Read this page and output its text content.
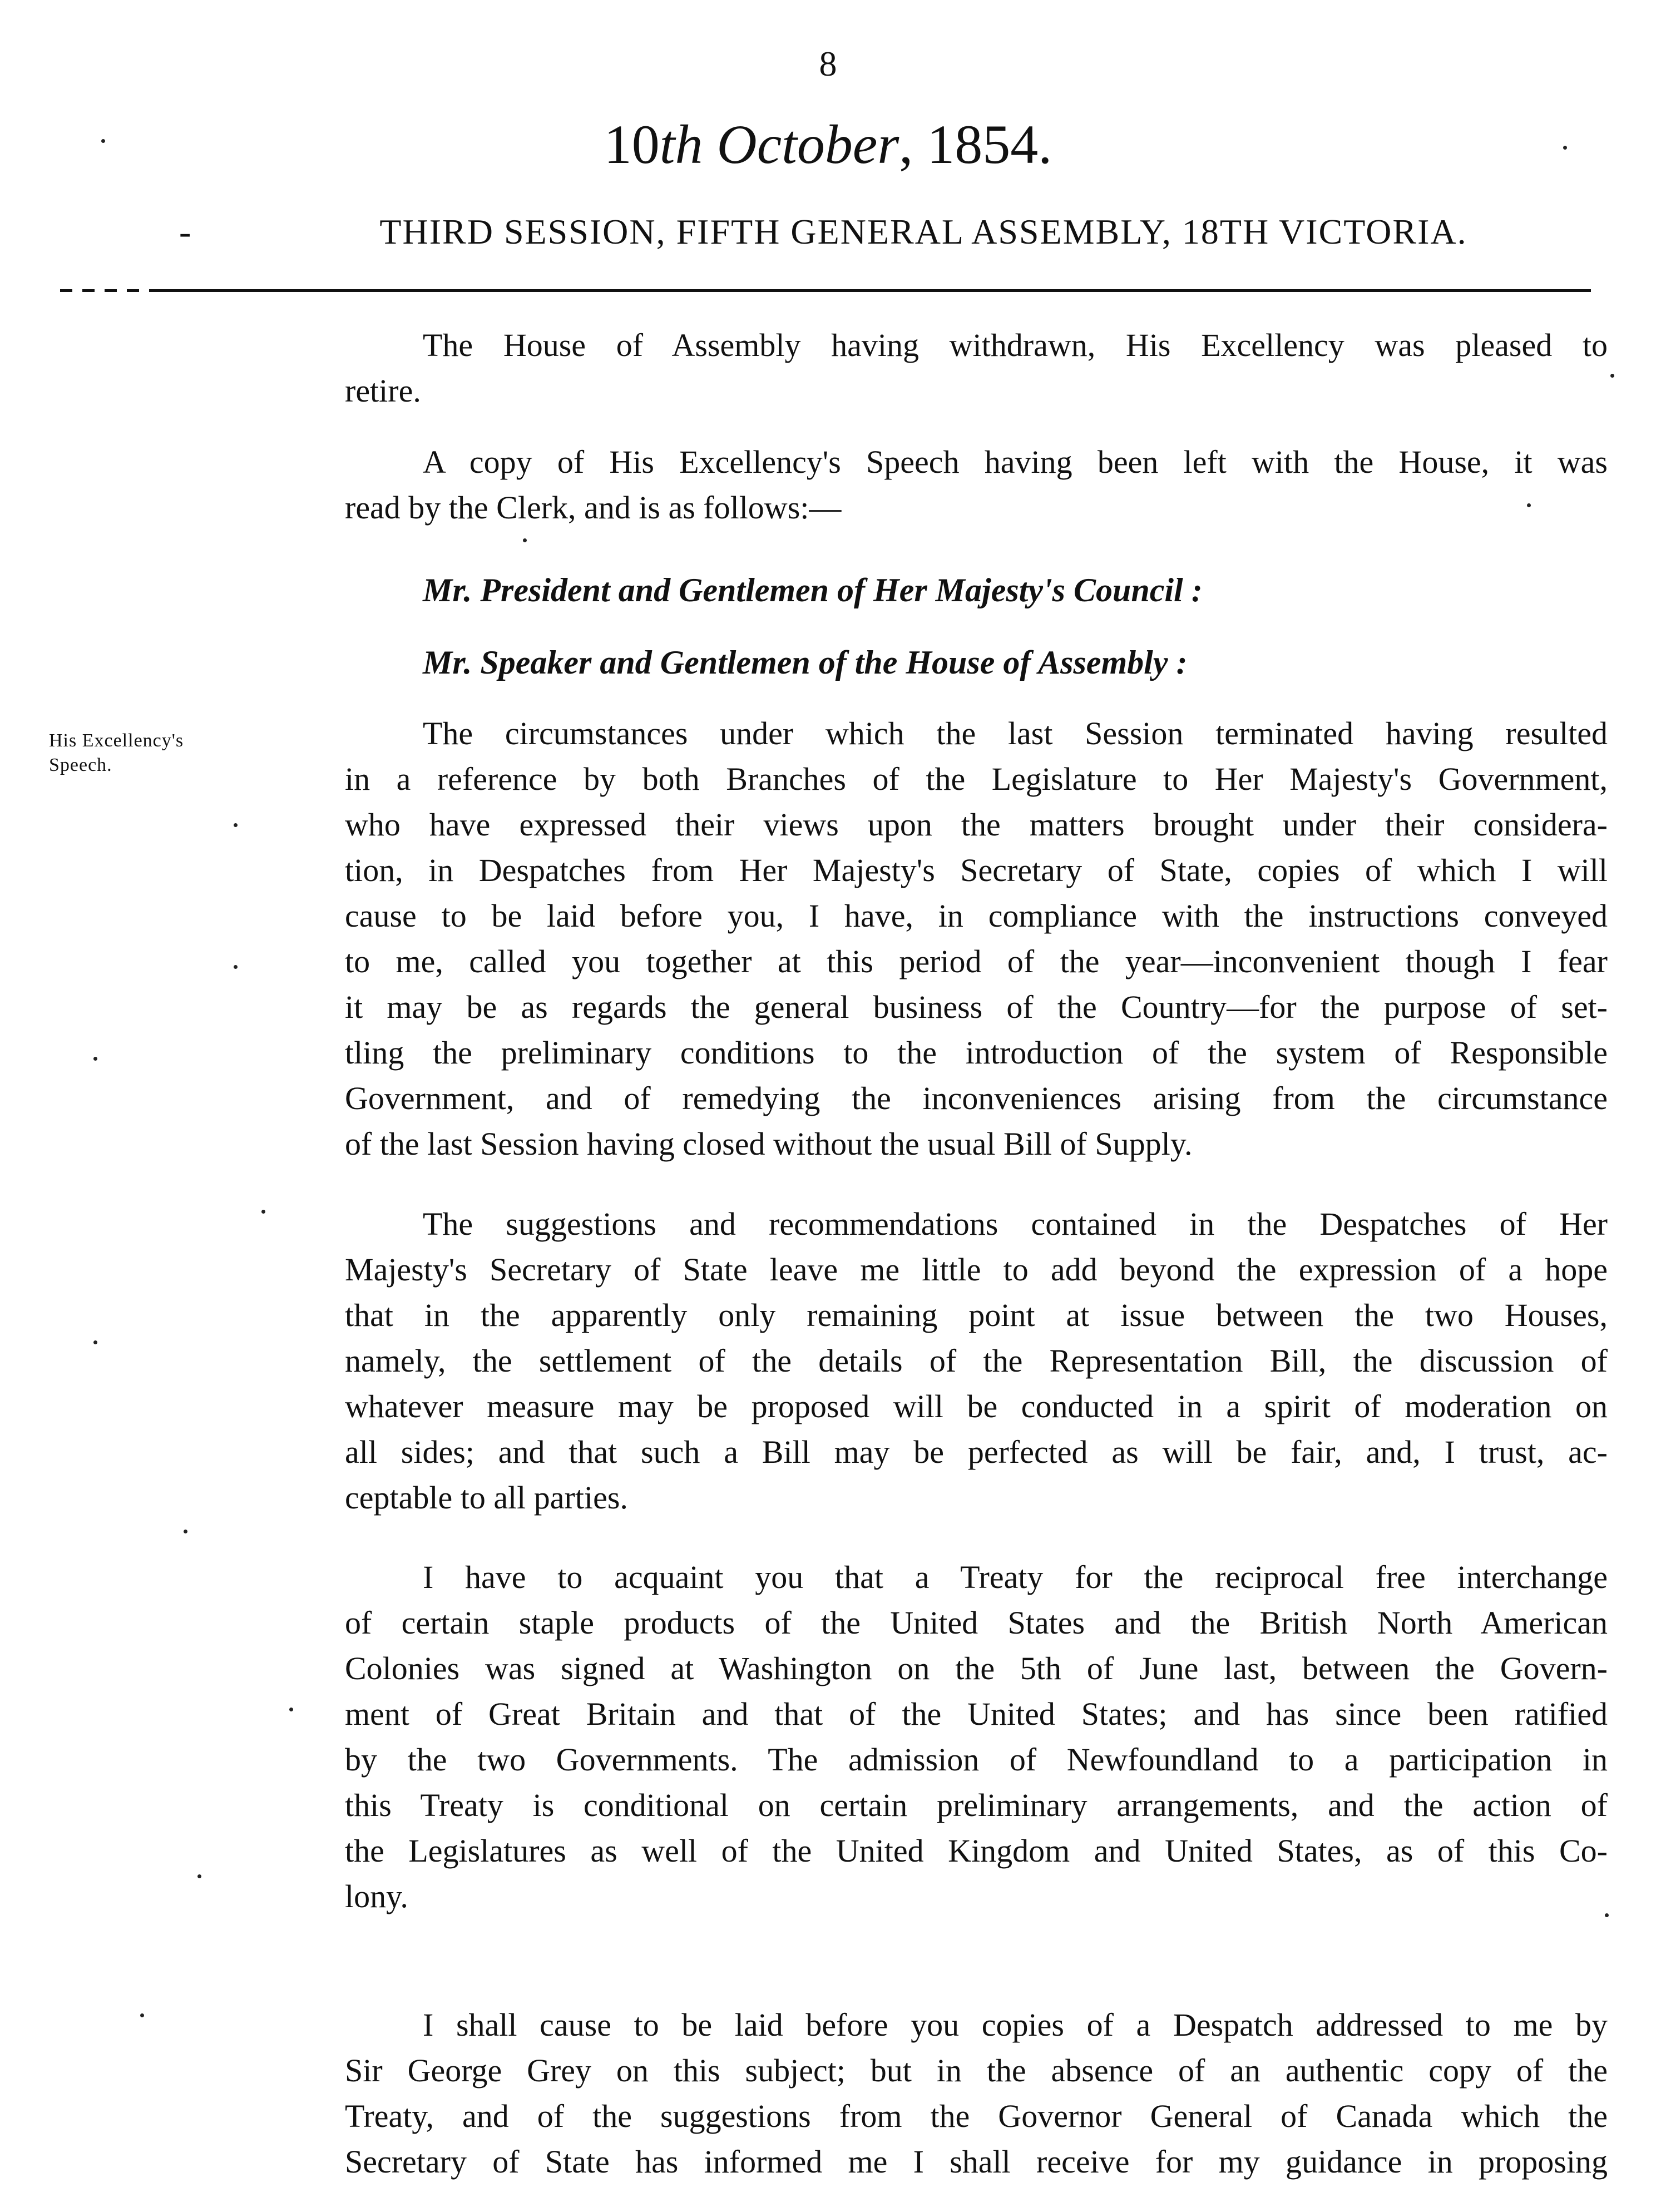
8
10th October, 1854.
-	THIRD SESSION, FIFTH GENERAL ASSEMBLY, 18TH VICTORIA.
The House of Assembly having withdrawn, His Excellency was pleased to
retire.
A copy of His Excellency's Speech having been left with the House, it was
read by the Clerk, and is as follows:—
Mr. President and Gentlemen of Her Majesty's Council :
Mr. Speaker and Gentlemen of the House of Assembly :
His Excellency's
Speech.
The circumstances under which the last Session terminated having resulted
in a reference by both Branches of the Legislature to Her Majesty's Government,
who have expressed their views upon the matters brought under their considera-
tion, in Despatches from Her Majesty's Secretary of State, copies of which I will
cause to be laid before you, I have, in compliance with the instructions conveyed
to me, called you together at this period of the year—inconvenient though I fear
it may be as regards the general business of the Country—for the purpose of set-
tling the preliminary conditions to the introduction of the system of Responsible
Government, and of remedying the inconveniences arising from the circumstance
of the last Session having closed without the usual Bill of Supply.
The suggestions and recommendations contained in the Despatches of Her
Majesty's Secretary of State leave me little to add beyond the expression of a hope
that in the apparently only remaining point at issue between the two Houses,
namely, the settlement of the details of the Representation Bill, the discussion of
whatever measure may be proposed will be conducted in a spirit of moderation on
all sides; and that such a Bill may be perfected as will be fair, and, I trust, ac-
ceptable to all parties.
I have to acquaint you that a Treaty for the reciprocal free interchange
of certain staple products of the United States and the British North American
Colonies was signed at Washington on the 5th of June last, between the Govern-
ment of Great Britain and that of the United States; and has since been ratified
by the two Governments. The admission of Newfoundland to a participation in
this Treaty is conditional on certain preliminary arrangements, and the action of
the Legislatures as well of the United Kingdom and United States, as of this Co-
lony.
I shall cause to be laid before you copies of a Despatch addressed to me by
Sir George Grey on this subject; but in the absence of an authentic copy of the
Treaty, and of the suggestions from the Governor General of Canada which the
Secretary of State has informed me I shall receive for my guidance in proposing
